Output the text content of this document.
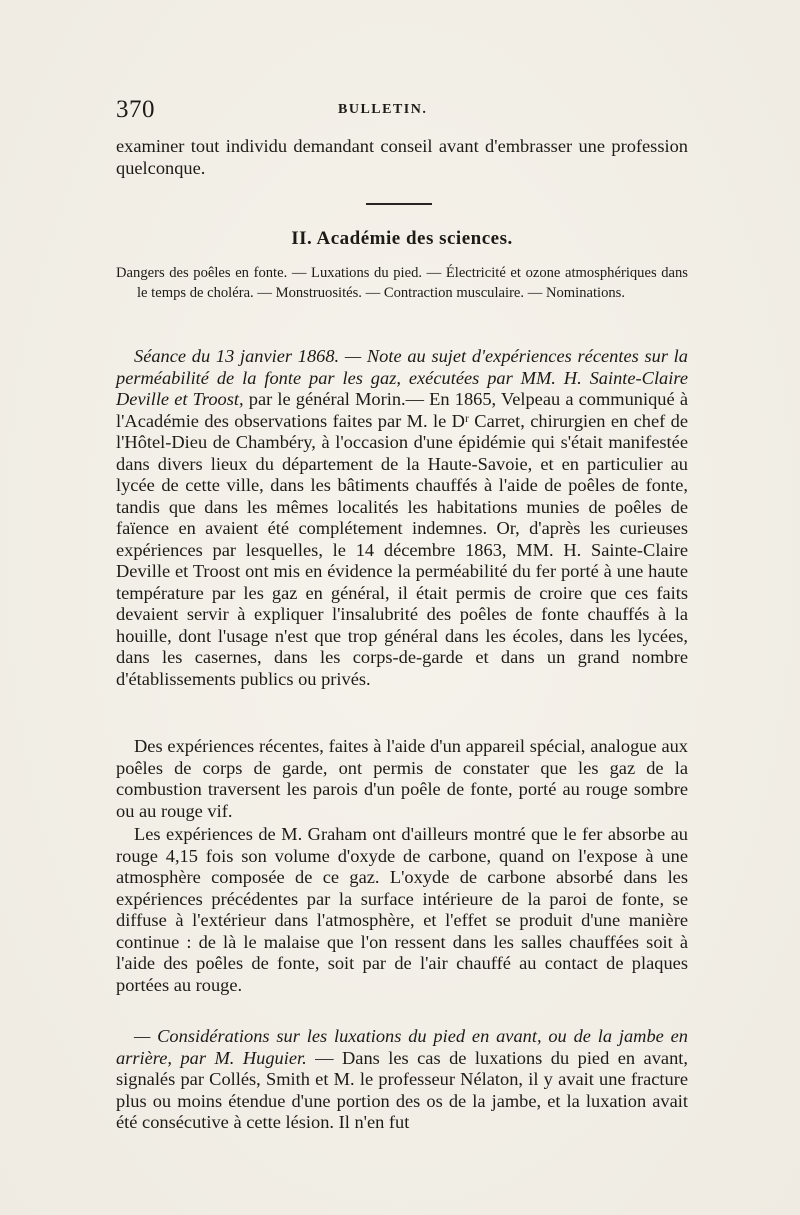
370	BULLETIN.

examiner tout individu demandant conseil avant d'embrasser une profession quelconque.

II. Académie des sciences.
Dangers des poêles en fonte. — Luxations du pied. — Électricité et ozone atmosphériques dans le temps de choléra. — Monstruosités. — Contraction musculaire. — Nominations.

Séance du 13 janvier 1868. — Note au sujet d'expériences récentes sur la perméabilité de la fonte par les gaz, exécutées par MM. H. Sainte-Claire Deville et Troost, par le général Morin.— En 1865, Velpeau a communiqué à l'Académie des observations faites par M. le Dʳ Carret, chirurgien en chef de l'Hôtel-Dieu de Chambéry, à l'occasion d'une épidémie qui s'était manifestée dans divers lieux du département de la Haute-Savoie, et en particulier au lycée de cette ville, dans les bâtiments chauffés à l'aide de poêles de fonte, tandis que dans les mêmes localités les habitations munies de poêles de faïence en avaient été complétement indemnes. Or, d'après les curieuses expériences par lesquelles, le 14 décembre 1863, MM. H. Sainte-Claire Deville et Troost ont mis en évidence la perméabilité du fer porté à une haute température par les gaz en général, il était permis de croire que ces faits devaient servir à expliquer l'insalubrité des poêles de fonte chauffés à la houille, dont l'usage n'est que trop général dans les écoles, dans les lycées, dans les casernes, dans les corps-de-garde et dans un grand nombre d'établissements publics ou privés.

Des expériences récentes, faites à l'aide d'un appareil spécial, analogue aux poêles de corps de garde, ont permis de constater que les gaz de la combustion traversent les parois d'un poêle de fonte, porté au rouge sombre ou au rouge vif.

Les expériences de M. Graham ont d'ailleurs montré que le fer absorbe au rouge 4,15 fois son volume d'oxyde de carbone, quand on l'expose à une atmosphère composée de ce gaz. L'oxyde de carbone absorbé dans les expériences précédentes par la surface intérieure de la paroi de fonte, se diffuse à l'extérieur dans l'atmosphère, et l'effet se produit d'une manière continue : de là le malaise que l'on ressent dans les salles chauffées soit à l'aide des poêles de fonte, soit par de l'air chauffé au contact de plaques portées au rouge.

— Considérations sur les luxations du pied en avant, ou de la jambe en arrière, par M. Huguier. — Dans les cas de luxations du pied en avant, signalés par Collés, Smith et M. le professeur Nélaton, il y avait une fracture plus ou moins étendue d'une portion des os de la jambe, et la luxation avait été consécutive à cette lésion. Il n'en fut
